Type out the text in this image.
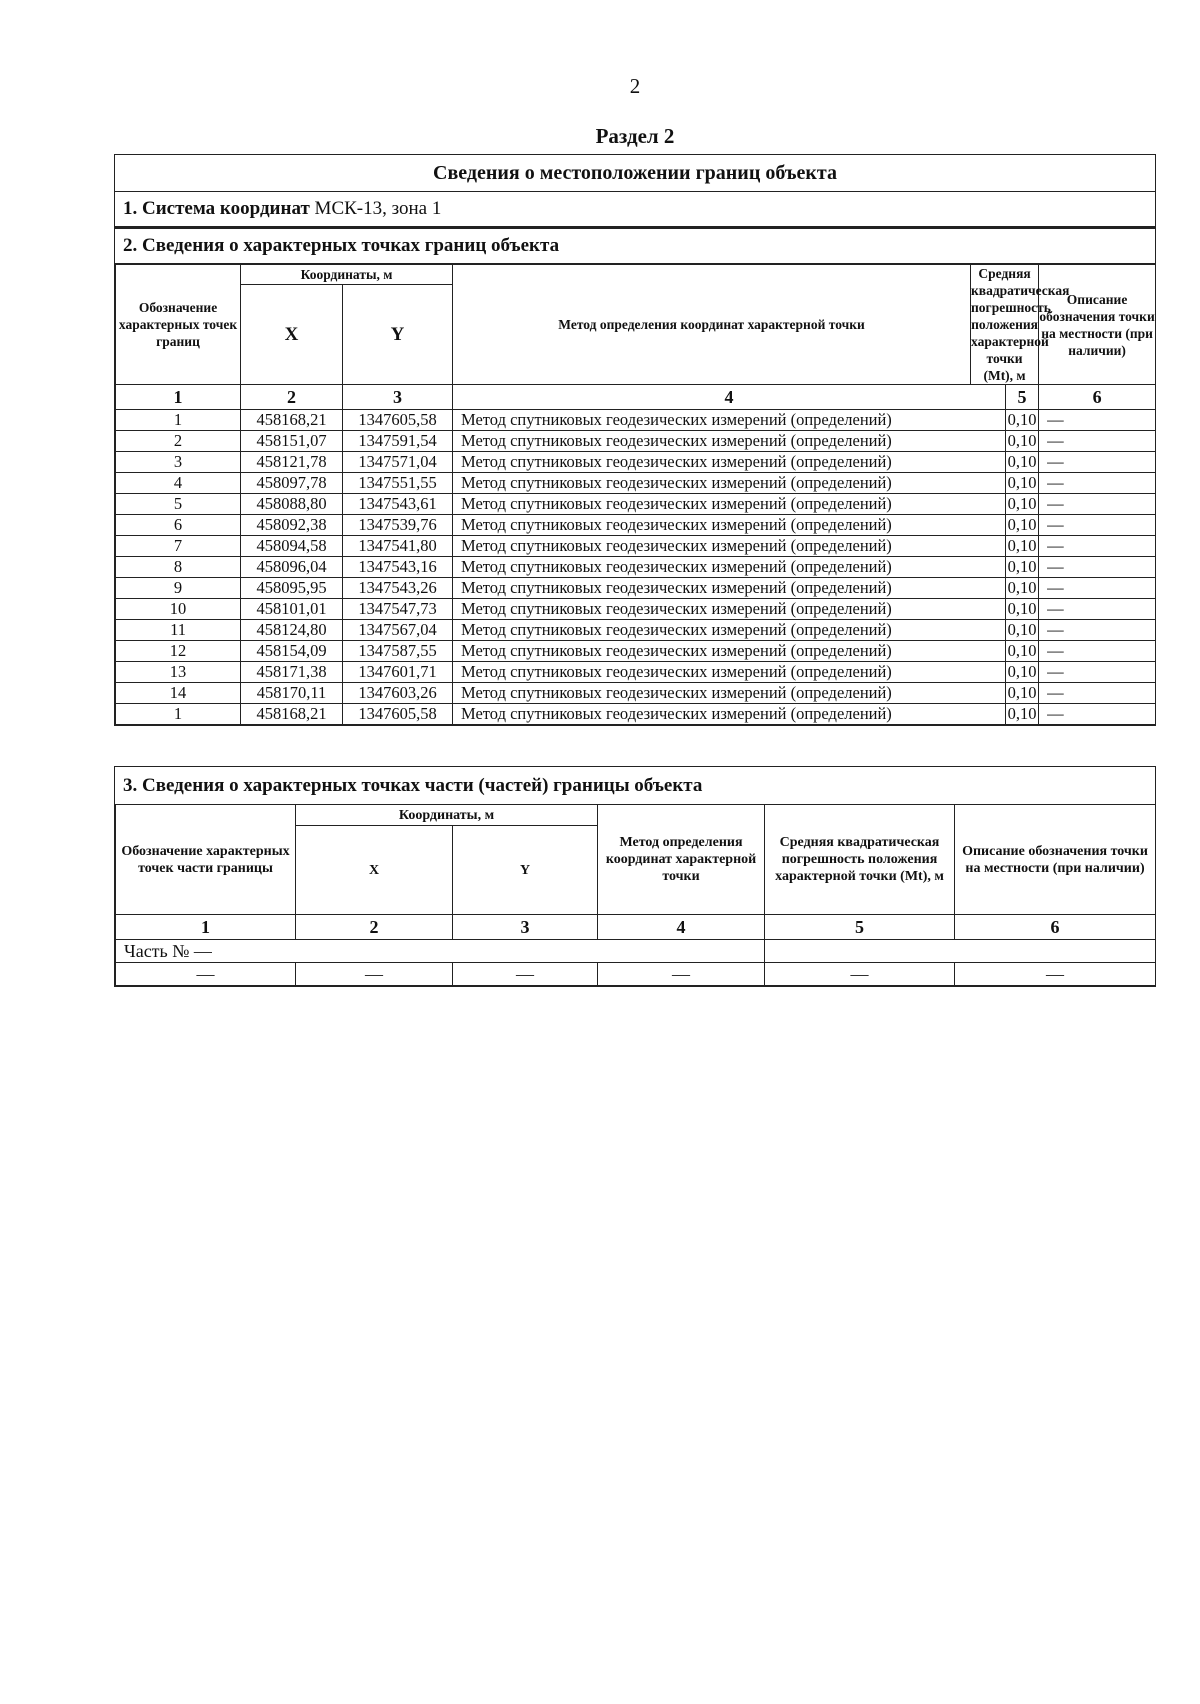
2
Раздел 2
Сведения о местоположении границ объекта
1. Система координат МСК-13, зона 1
2. Сведения о характерных точках границ объекта
Обозначение характерных точек границ	Координаты, м		Метод определения координат характерной точки	Средняя квадратическая погрешность положения характерной точки (Mt), м		Описание обозначения точки на местности (при наличии)
	X	Y				
1	2	3	4		5	6
1	458168,21	1347605,58	Метод спутниковых геодезических измерений (определений)		0,10	—
2	458151,07	1347591,54	Метод спутниковых геодезических измерений (определений)		0,10	—
3	458121,78	1347571,04	Метод спутниковых геодезических измерений (определений)		0,10	—
4	458097,78	1347551,55	Метод спутниковых геодезических измерений (определений)		0,10	—
5	458088,80	1347543,61	Метод спутниковых геодезических измерений (определений)		0,10	—
6	458092,38	1347539,76	Метод спутниковых геодезических измерений (определений)		0,10	—
7	458094,58	1347541,80	Метод спутниковых геодезических измерений (определений)		0,10	—
8	458096,04	1347543,16	Метод спутниковых геодезических измерений (определений)		0,10	—
9	458095,95	1347543,26	Метод спутниковых геодезических измерений (определений)		0,10	—
10	458101,01	1347547,73	Метод спутниковых геодезических измерений (определений)		0,10	—
11	458124,80	1347567,04	Метод спутниковых геодезических измерений (определений)		0,10	—
12	458154,09	1347587,55	Метод спутниковых геодезических измерений (определений)		0,10	—
13	458171,38	1347601,71	Метод спутниковых геодезических измерений (определений)		0,10	—
14	458170,11	1347603,26	Метод спутниковых геодезических измерений (определений)		0,10	—
1	458168,21	1347605,58	Метод спутниковых геодезических измерений (определений)		0,10	—
3. Сведения о характерных точках части (частей) границы объекта
Обозначение характерных точек части границы	Координаты, м		Метод определения координат характерной точки	Средняя квадратическая погрешность положения характерной точки (Mt), м	Описание обозначения точки на местности (при наличии)
	X	Y			
1	2	3	4	5	6
Часть № —					
—	—	—	—	—	—
